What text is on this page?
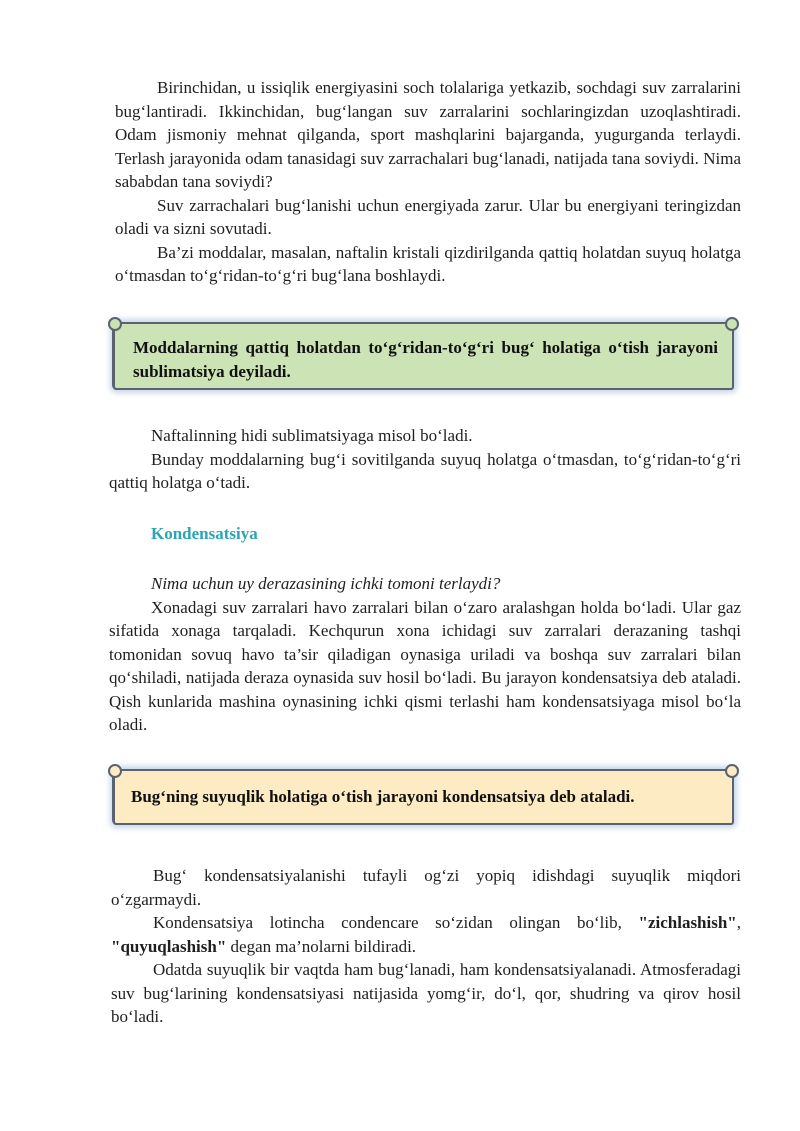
Birinchidan, u issiqlik energiyasini soch tolalariga yetkazib, sochdagi suv zarralarini bug‘lantiradi. Ikkinchidan, bug‘langan suv zarralarini sochlaringizdan uzoqlashtiradi. Odam jismoniy mehnat qilganda, sport mashqlarini bajarganda, yugurganda terlaydi. Terlash jarayonida odam tanasidagi suv zarrachalari bug‘lanadi, natijada tana soviydi. Nima sababdan tana soviydi?

Suv zarrachalari bug‘lanishi uchun energiyada zarur. Ular bu energiyani teringizdan oladi va sizni sovutadi.

Ba’zi moddalar, masalan, naftalin kristali qizdirilganda qattiq holatdan suyuq holatga o‘tmasdan to‘g‘ridan-to‘g‘ri bug‘lana boshlaydi.

Moddalarning qattiq holatdan to‘g‘ridan-to‘g‘ri bug‘ holatiga o‘tish jarayoni sublimatsiya deyiladi.

Naftalinning hidi sublimatsiyaga misol bo‘ladi.

Bunday moddalarning bug‘i sovitilganda suyuq holatga o‘tmasdan, to‘g‘ridan-to‘g‘ri qattiq holatga o‘tadi.

Kondensatsiya

Nima uchun uy derazasining ichki tomoni terlaydi?

Xonadagi suv zarralari havo zarralari bilan o‘zaro aralashgan holda bo‘ladi. Ular gaz sifatida xonaga tarqaladi. Kechqurun xona ichidagi suv zarralari derazaning tashqi tomonidan sovuq havo ta’sir qiladigan oynasiga uriladi va boshqa suv zarralari bilan qo‘shiladi, natijada deraza oynasida suv hosil bo‘ladi. Bu jarayon kondensatsiya deb ataladi. Qish kunlarida mashina oynasining ichki qismi terlashi ham kondensatsiyaga misol bo‘la oladi.

Bug‘ning suyuqlik holatiga o‘tish jarayoni kondensatsiya deb ataladi.

Bug‘ kondensatsiyalanishi tufayli og‘zi yopiq idishdagi suyuqlik miqdori o‘zgarmaydi.

Kondensatsiya lotincha condencare so‘zidan olingan bo‘lib, "zichlashish", "quyuqlashish" degan ma’nolarni bildiradi.

Odatda suyuqlik bir vaqtda ham bug‘lanadi, ham kondensatsiyalanadi. Atmosferadagi suv bug‘larining kondensatsiyasi natijasida yomg‘ir, do‘l, qor, shudring va qirov hosil bo‘ladi.
